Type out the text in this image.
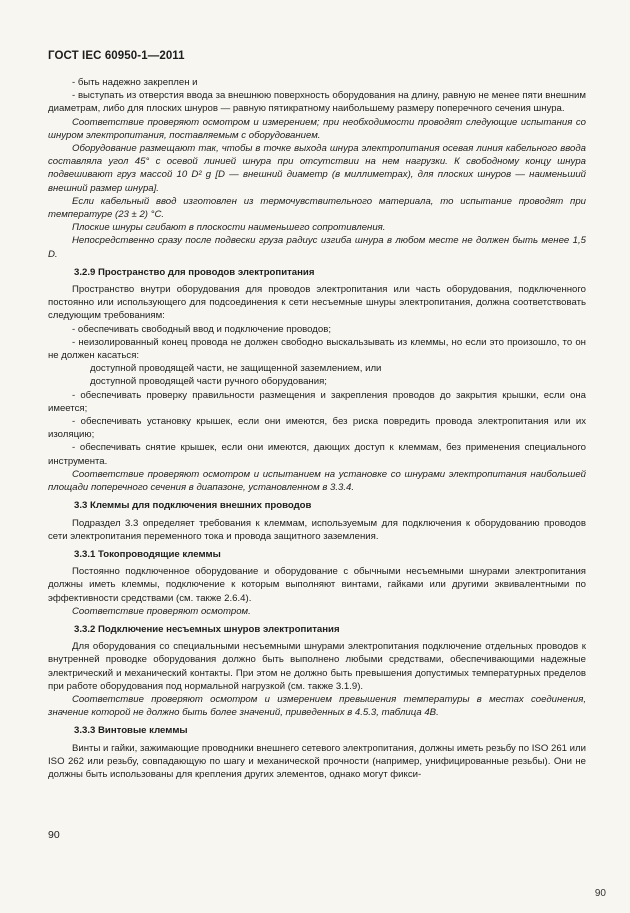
ГОСТ IEC 60950-1—2011

- быть надежно закреплен и

- выступать из отверстия ввода за внешнюю поверхность оборудования на длину, равную не менее пяти внешним диаметрам, либо для плоских шнуров — равную пятикратному наибольшему размеру поперечного сечения шнура.

Соответствие проверяют осмотром и измерением; при необходимости проводят следующие испытания со шнуром электропитания, поставляемым с оборудованием.

Оборудование размещают так, чтобы в точке выхода шнура электропитания осевая линия кабельного ввода составляла угол 45° с осевой линией шнура при отсутствии на нем нагрузки. К свободному концу шнура подвешивают груз массой 10 D² g [D — внешний диаметр (в миллиметрах), для плоских шнуров — наименьший внешний размер шнура].

Если кабельный ввод изготовлен из термочувствительного материала, то испытание проводят при температуре (23 ± 2) °C.

Плоские шнуры сгибают в плоскости наименьшего сопротивления.

Непосредственно сразу после подвески груза радиус изгиба шнура в любом месте не должен быть менее 1,5 D.

3.2.9 Пространство для проводов электропитания

Пространство внутри оборудования для проводов электропитания или часть оборудования, подключенного постоянно или использующего для подсоединения к сети несъемные шнуры электропитания, должна соответствовать следующим требованиям:

- обеспечивать свободный ввод и подключение проводов;

- неизолированный конец провода не должен свободно выскальзывать из клеммы, но если это произошло, то он не должен касаться:

доступной проводящей части, не защищенной заземлением, или

доступной проводящей части ручного оборудования;

- обеспечивать проверку правильности размещения и закрепления проводов до закрытия крышки, если она имеется;

- обеспечивать установку крышек, если они имеются, без риска повредить провода электропитания или их изоляцию;

- обеспечивать снятие крышек, если они имеются, дающих доступ к клеммам, без применения специального инструмента.

Соответствие проверяют осмотром и испытанием на установке со шнурами электропитания наибольшей площади поперечного сечения в диапазоне, установленном в 3.3.4.

3.3 Клеммы для подключения внешних проводов

Подраздел 3.3 определяет требования к клеммам, используемым для подключения к оборудованию проводов сети электропитания переменного тока и провода защитного заземления.

3.3.1 Токопроводящие клеммы

Постоянно подключенное оборудование и оборудование с обычными несъемными шнурами электропитания должны иметь клеммы, подключение к которым выполняют винтами, гайками или другими эквивалентными по эффективности средствами (см. также 2.6.4).

Соответствие проверяют осмотром.

3.3.2 Подключение несъемных шнуров электропитания

Для оборудования со специальными несъемными шнурами электропитания подключение отдельных проводов к внутренней проводке оборудования должно быть выполнено любыми средствами, обеспечивающими надежные электрический и механический контакты. При этом не должно быть превышения допустимых температурных пределов при работе оборудования под нормальной нагрузкой (см. также 3.1.9).

Соответствие проверяют осмотром и измерением превышения температуры в местах соединения, значение которой не должно быть более значений, приведенных в 4.5.3, таблица 4B.

3.3.3 Винтовые клеммы

Винты и гайки, зажимающие проводники внешнего сетевого электропитания, должны иметь резьбу по ISO 261 или ISO 262 или резьбу, совпадающую по шагу и механической прочности (например, унифицированные резьбы). Они не должны быть использованы для крепления других элементов, однако могут фикси-

90
90
